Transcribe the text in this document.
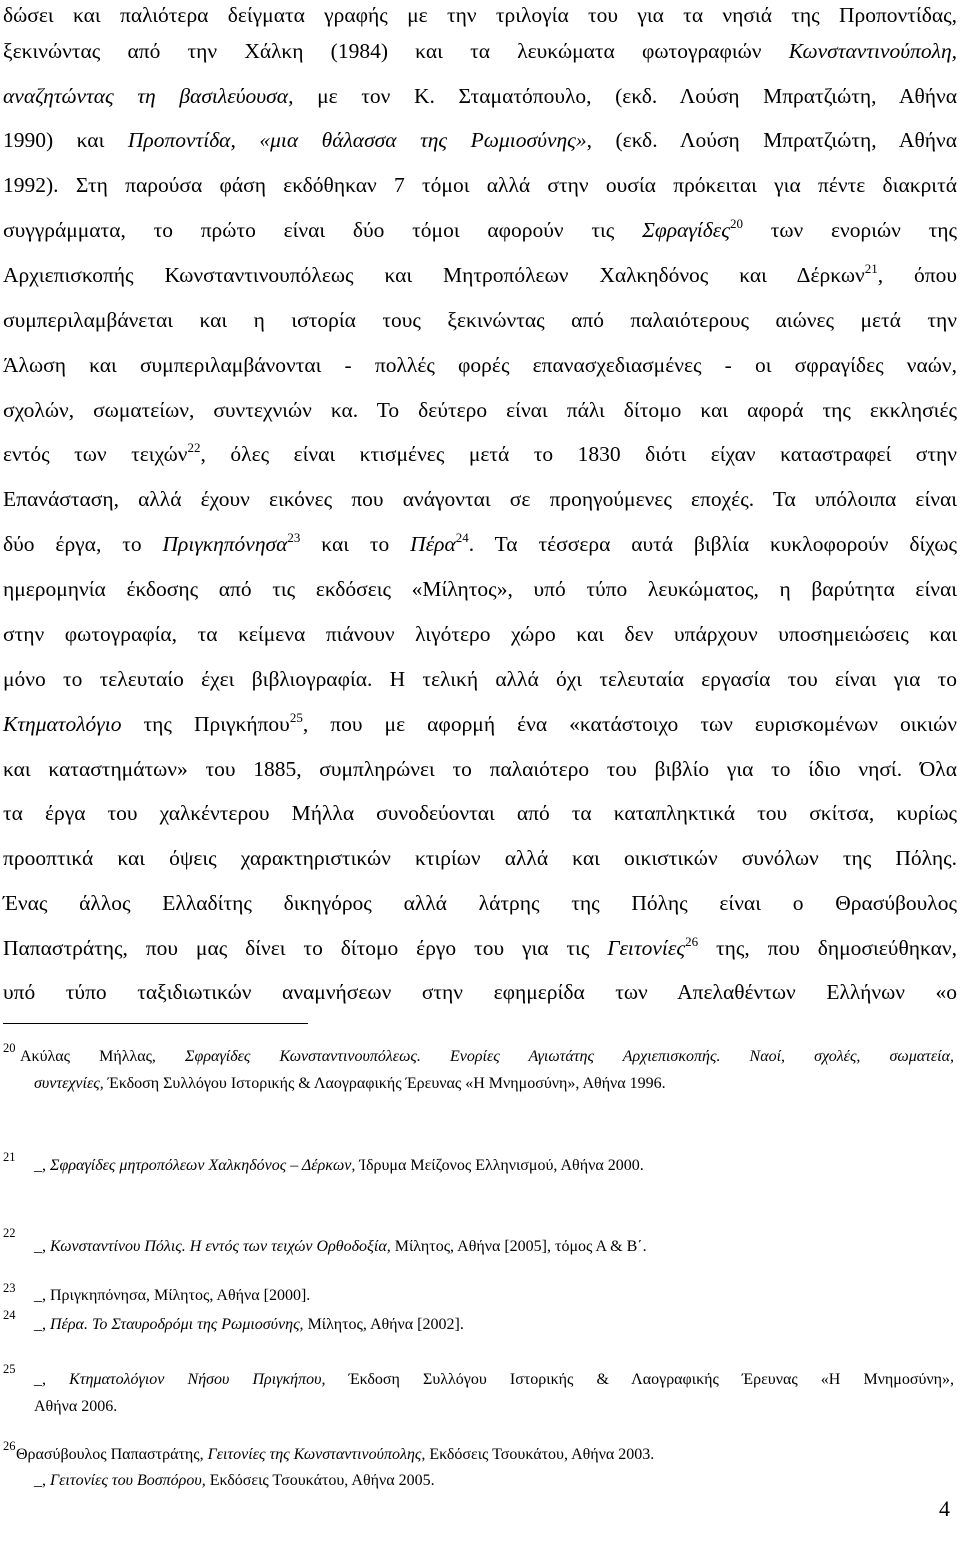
δώσει και παλιότερα δείγματα γραφής με την τριλογία του για τα νησιά της Προποντίδας,
ξεκινώντας από την Χάλκη (1984) και τα λευκώματα φωτογραφιών Κωνσταντινούπολη,
αναζητώντας τη βασιλεύουσα, με τον Κ. Σταματόπουλο, (εκδ. Λούση Μπρατζιώτη, Αθήνα
1990) και Προποντίδα, «μια θάλασσα της Ρωμιοσύνης», (εκδ. Λούση Μπρατζιώτη, Αθήνα
1992). Στη παρούσα φάση εκδόθηκαν 7 τόμοι αλλά στην ουσία πρόκειται για πέντε διακριτά
συγγράμματα, το πρώτο είναι δύο τόμοι αφορούν τις Σφραγίδες$^{20}$ των ενοριών της
Αρχιεπισκοπής Κωνσταντινουπόλεως και Μητροπόλεων Χαλκηδόνος και Δέρκων$^{21}$, όπου
συμπεριλαμβάνεται και η ιστορία τους ξεκινώντας από παλαιότερους αιώνες μετά την
Άλωση και συμπεριλαμβάνονται - πολλές φορές επανασχεδιασμένες - οι σφραγίδες ναών,
σχολών, σωματείων, συντεχνιών κα. Το δεύτερο είναι πάλι δίτομο και αφορά της εκκλησιές
εντός των τειχών$^{22}$, όλες είναι κτισμένες μετά το 1830 διότι είχαν καταστραφεί στην
Επανάσταση, αλλά έχουν εικόνες που ανάγονται σε προηγούμενες εποχές. Τα υπόλοιπα είναι
δύο έργα, το Πριγκηπόνησα$^{23}$ και το Πέρα$^{24}$. Τα τέσσερα αυτά βιβλία κυκλοφορούν δίχως
ημερομηνία έκδοσης από τις εκδόσεις «Μίλητος», υπό τύπο λευκώματος, η βαρύτητα είναι
στην φωτογραφία, τα κείμενα πιάνουν λιγότερο χώρο και δεν υπάρχουν υποσημειώσεις και
μόνο το τελευταίο έχει βιβλιογραφία. Η τελική αλλά όχι τελευταία εργασία του είναι για το
Κτηματολόγιο της Πριγκήπου$^{25}$, που με αφορμή ένα «κατάστοιχο των ευρισκομένων οικιών
και καταστημάτων» του 1885, συμπληρώνει το παλαιότερο του βιβλίο για το ίδιο νησί. Όλα
τα έργα του χαλκέντερου Μήλλα συνοδεύονται από τα καταπληκτικά του σκίτσα, κυρίως
προοπτικά και όψεις χαρακτηριστικών κτιρίων αλλά και οικιστικών συνόλων της Πόλης.
Ένας άλλος Ελλαδίτης δικηγόρος αλλά λάτρης της Πόλης είναι ο Θρασύβουλος
Παπαστράτης, που μας δίνει το δίτομο έργο του για τις Γειτονίες$^{26}$ της, που δημοσιεύθηκαν,
υπό τύπο ταξιδιωτικών αναμνήσεων στην εφημερίδα των Απελαθέντων Ελλήνων «ο
20 Ακύλας Μήλλας, Σφραγίδες Κωνσταντινουπόλεως. Ενορίες Αγιωτάτης Αρχιεπισκοπής. Ναοί, σχολές, σωματεία,
συντεχνίες, Έκδοση Συλλόγου Ιστορικής & Λαογραφικής Έρευνας «Η Μνημοσύνη», Αθήνα 1996.
21 _, Σφραγίδες μητροπόλεων Χαλκηδόνος – Δέρκων, Ίδρυμα Μείζονος Ελληνισμού, Αθήνα 2000.
22
_, Κωνσταντίνου Πόλις. Η εντός των τειχών Ορθοδοξία, Μίλητος, Αθήνα [2005], τόμος Α & Β΄.
23 _, Πριγκηπόνησα, Μίλητος, Αθήνα [2000].
24
_, Πέρα. Το Σταυροδρόμι της Ρωμιοσύνης, Μίλητος, Αθήνα [2002].
25
_, Κτηματολόγιον Νήσου Πριγκήπου, Έκδοση Συλλόγου Ιστορικής & Λαογραφικής Έρευνας «Η Μνημοσύνη»,
Αθήνα 2006.
26 Θρασύβουλος Παπαστράτης, Γειτονίες της Κωνσταντινούπολης, Εκδόσεις Τσουκάτου, Αθήνα 2003.
_, Γειτονίες του Βοσπόρου, Εκδόσεις Τσουκάτου, Αθήνα 2005.
4
